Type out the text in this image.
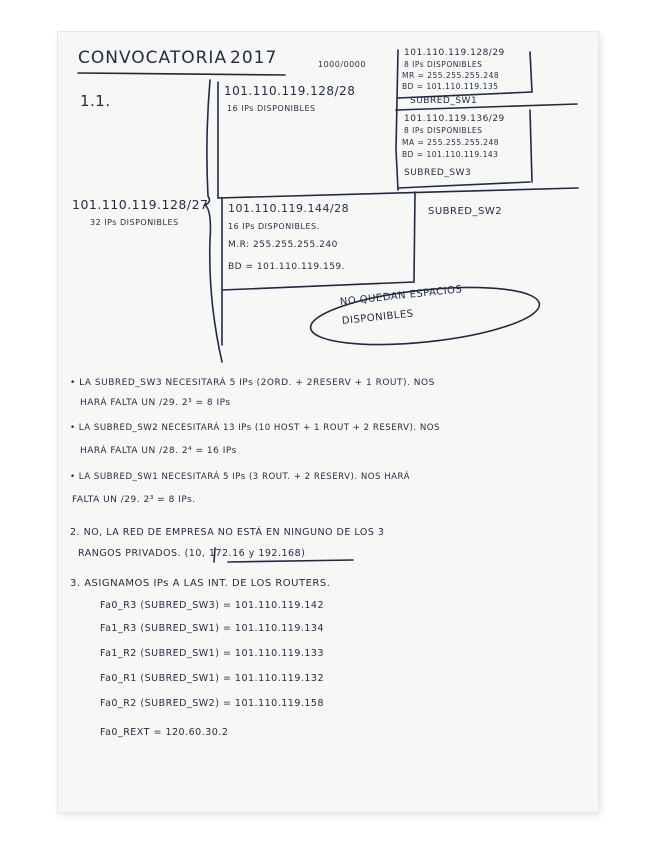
CONVOCATORIA 2017	1000/0000
1.1.
101.110.119.128/27
32 IPs DISPONIBLES
101.110.119.128/28
16 IPs DISPONIBLES
101.110.119.128/29
8 IPs DISPONIBLES
MR = 255.255.255.248
BD = 101.110.119.135
SUBRED_SW1
101.110.119.136/29
8 IPs DISPONIBLES
MA = 255.255.255.248
BD = 101.110.119.143
SUBRED_SW3
101.110.119.144/28
16 IPs DISPONIBLES.
M.R: 255.255.255.240
BD = 101.110.119.159.
SUBRED_SW2
NO QUEDAN ESPACIOS
DISPONIBLES
• LA SUBRED_SW3 NECESITARÁ 5 IPs (2ORD. + 2RESERV + 1 ROUT). NOS
HARÁ FALTA UN /29. 2³ = 8 IPs
• LA SUBRED_SW2 NECESITARÁ 13 IPs (10 HOST + 1 ROUT + 2 RESERV). NOS
HARÁ FALTA UN /28. 2⁴ = 16 IPs
• LA SUBRED_SW1 NECESITARÁ 5 IPs (3 ROUT. + 2 RESERV). NOS HARÁ
FALTA UN /29. 2³ = 8 IPs.
2. NO, LA RED DE EMPRESA NO ESTÁ EN NINGUNO DE LOS 3
RANGOS PRIVADOS. (10, 172.16 y 192.168)
3. ASIGNAMOS IPs A LAS INT. DE LOS ROUTERS.
Fa0_R3 (SUBRED_SW3) = 101.110.119.142
Fa1_R3 (SUBRED_SW1) = 101.110.119.134
Fa1_R2 (SUBRED_SW1) = 101.110.119.133
Fa0_R1 (SUBRED_SW1) = 101.110.119.132
Fa0_R2 (SUBRED_SW2) = 101.110.119.158
Fa0_REXT = 120.60.30.2
